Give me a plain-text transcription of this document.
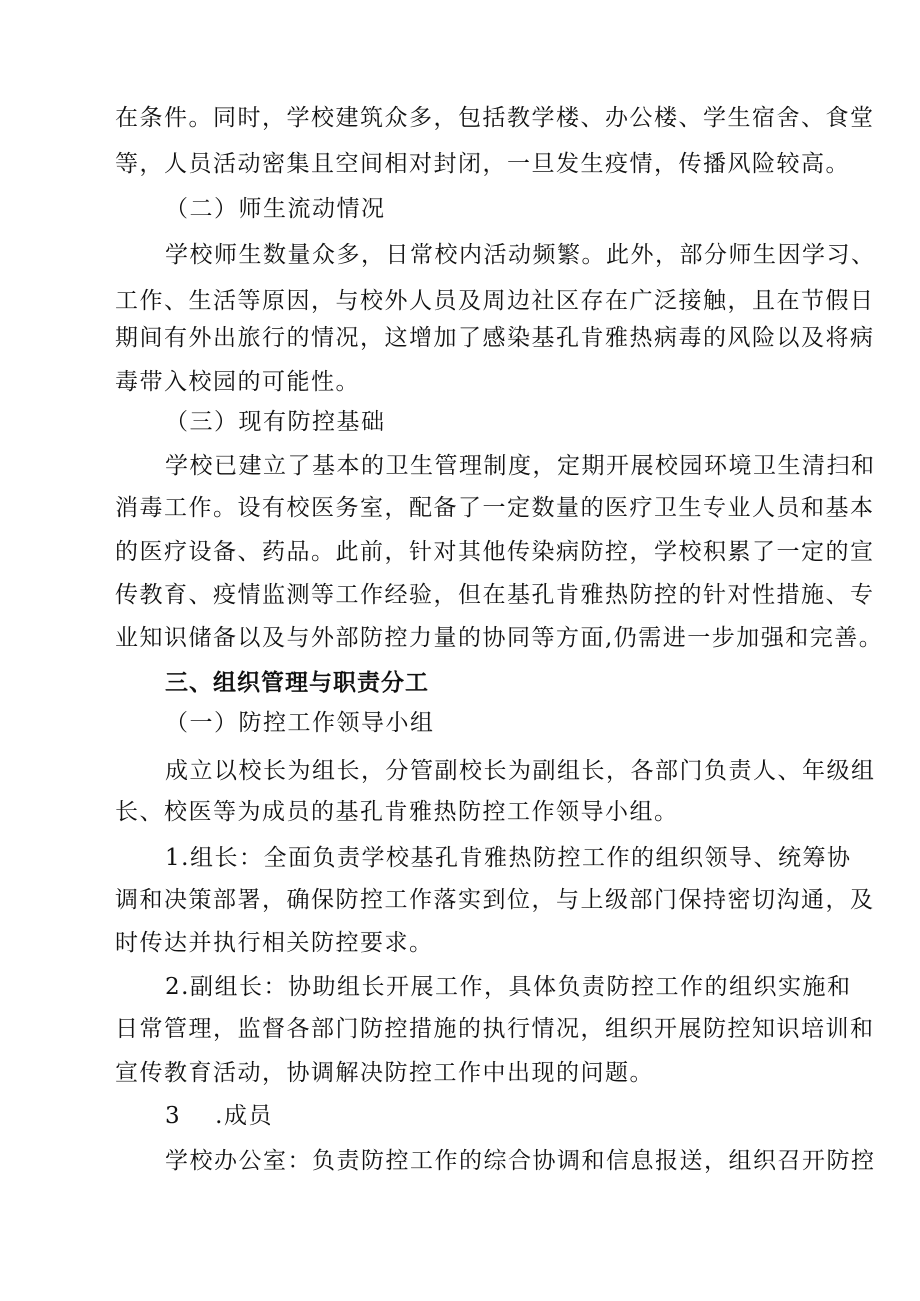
在条件。同时，学校建筑众多，包括教学楼、办公楼、学生宿舍、食堂
等，人员活动密集且空间相对封闭，一旦发生疫情，传播风险较高。
（二）师生流动情况
学校师生数量众多，日常校内活动频繁。此外，部分师生因学习、
工作、生活等原因，与校外人员及周边社区存在广泛接触，且在节假日
期间有外出旅行的情况，这增加了感染基孔肯雅热病毒的风险以及将病
毒带入校园的可能性。
（三）现有防控基础
学校已建立了基本的卫生管理制度，定期开展校园环境卫生清扫和
消毒工作。设有校医务室，配备了一定数量的医疗卫生专业人员和基本
的医疗设备、药品。此前，针对其他传染病防控，学校积累了一定的宣
传教育、疫情监测等工作经验，但在基孔肯雅热防控的针对性措施、专
业知识储备以及与外部防控力量的协同等方面,仍需进一步加强和完善。
三、组织管理与职责分工
（一）防控工作领导小组
成立以校长为组长，分管副校长为副组长，各部门负责人、年级组
长、校医等为成员的基孔肯雅热防控工作领导小组。
1.组长：全面负责学校基孔肯雅热防控工作的组织领导、统筹协
调和决策部署，确保防控工作落实到位，与上级部门保持密切沟通，及
时传达并执行相关防控要求。
2.副组长：协助组长开展工作，具体负责防控工作的组织实施和
日常管理，监督各部门防控措施的执行情况，组织开展防控知识培训和
宣传教育活动，协调解决防控工作中出现的问题。
3 .成员
学校办公室：负责防控工作的综合协调和信息报送，组织召开防控
